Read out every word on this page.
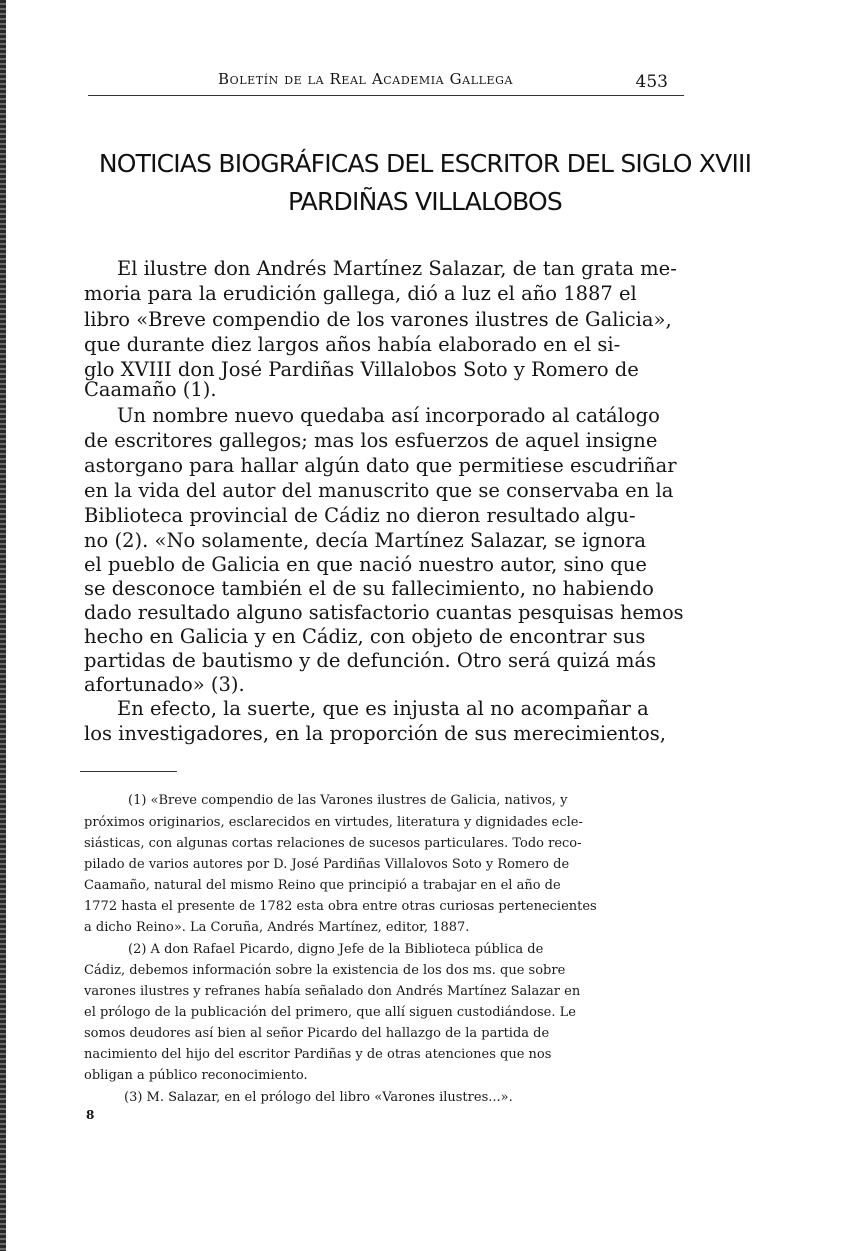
Boletín de la Real Academia Gallega	453
NOTICIAS BIOGRÁFICAS DEL ESCRITOR DEL SIGLO XVIII
PARDIÑAS VILLALOBOS
El ilustre don Andrés Martínez Salazar, de tan grata me-
moria para la erudición gallega, dió a luz el año 1887 el
libro «Breve compendio de los varones ilustres de Galicia»,
que durante diez largos años había elaborado en el si-
glo XVIII don José Pardiñas Villalobos Soto y Romero de
Caamaño (1).
Un nombre nuevo quedaba así incorporado al catálogo
de escritores gallegos; mas los esfuerzos de aquel insigne
astorgano para hallar algún dato que permitiese escudriñar
en la vida del autor del manuscrito que se conservaba en la
Biblioteca provincial de Cádiz no dieron resultado algu-
no (2). «No solamente, decía Martínez Salazar, se ignora
el pueblo de Galicia en que nació nuestro autor, sino que
se desconoce también el de su fallecimiento, no habiendo
dado resultado alguno satisfactorio cuantas pesquisas hemos
hecho en Galicia y en Cádiz, con objeto de encontrar sus
partidas de bautismo y de defunción. Otro será quizá más
afortunado» (3).
En efecto, la suerte, que es injusta al no acompañar a
los investigadores, en la proporción de sus merecimientos,
(1) «Breve compendio de las Varones ilustres de Galicia, nativos, y
próximos originarios, esclarecidos en virtudes, literatura y dignidades ecle-
siásticas, con algunas cortas relaciones de sucesos particulares. Todo reco-
pilado de varios autores por D. José Pardiñas Villalovos Soto y Romero de
Caamaño, natural del mismo Reino que principió a trabajar en el año de
1772 hasta el presente de 1782 esta obra entre otras curiosas pertenecientes
a dicho Reino». La Coruña, Andrés Martínez, editor, 1887.
(2) A don Rafael Picardo, digno Jefe de la Biblioteca pública de
Cádiz, debemos información sobre la existencia de los dos ms. que sobre
varones ilustres y refranes había señalado don Andrés Martínez Salazar en
el prólogo de la publicación del primero, que allí siguen custodiándose. Le
somos deudores así bien al señor Picardo del hallazgo de la partida de
nacimiento del hijo del escritor Pardiñas y de otras atenciones que nos
obligan a público reconocimiento.
(3) M. Salazar, en el prólogo del libro «Varones ilustres...».
8
